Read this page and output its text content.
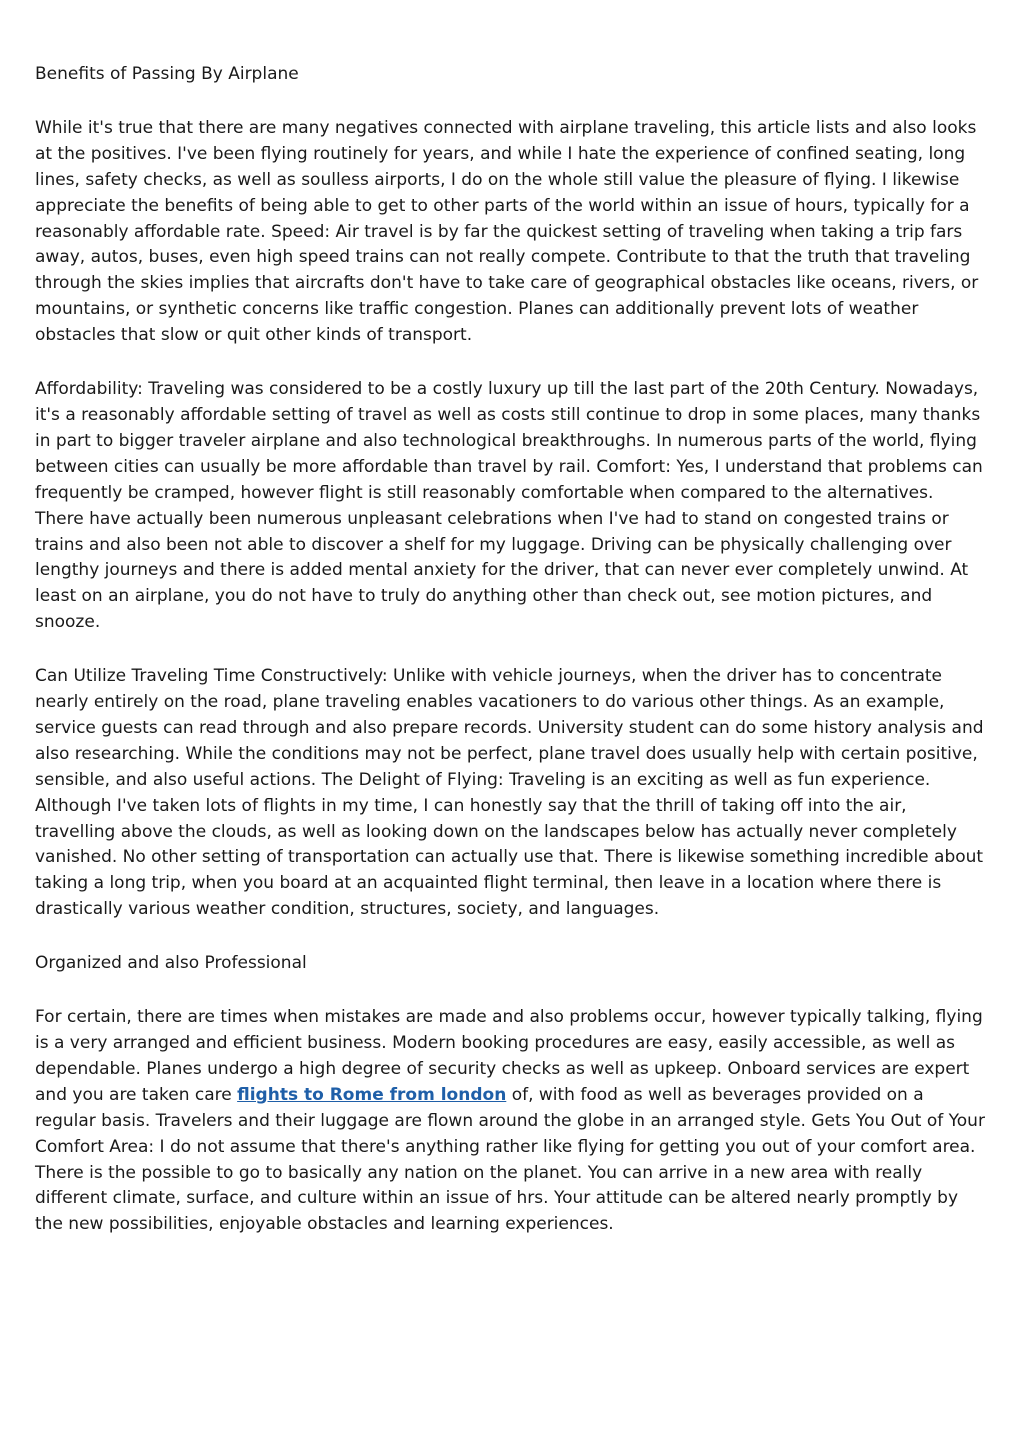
Benefits of Passing By Airplane

While it's true that there are many negatives connected with airplane traveling, this article lists and also looks at the positives. I've been flying routinely for years, and while I hate the experience of confined seating, long lines, safety checks, as well as soulless airports, I do on the whole still value the pleasure of flying. I likewise appreciate the benefits of being able to get to other parts of the world within an issue of hours, typically for a reasonably affordable rate. Speed: Air travel is by far the quickest setting of traveling when taking a trip fars away, autos, buses, even high speed trains can not really compete. Contribute to that the truth that traveling through the skies implies that aircrafts don't have to take care of geographical obstacles like oceans, rivers, or mountains, or synthetic concerns like traffic congestion. Planes can additionally prevent lots of weather obstacles that slow or quit other kinds of transport.

Affordability: Traveling was considered to be a costly luxury up till the last part of the 20th Century. Nowadays, it's a reasonably affordable setting of travel as well as costs still continue to drop in some places, many thanks in part to bigger traveler airplane and also technological breakthroughs. In numerous parts of the world, flying between cities can usually be more affordable than travel by rail. Comfort: Yes, I understand that problems can frequently be cramped, however flight is still reasonably comfortable when compared to the alternatives. There have actually been numerous unpleasant celebrations when I've had to stand on congested trains or trains and also been not able to discover a shelf for my luggage. Driving can be physically challenging over lengthy journeys and there is added mental anxiety for the driver, that can never ever completely unwind. At least on an airplane, you do not have to truly do anything other than check out, see motion pictures, and snooze.

Can Utilize Traveling Time Constructively: Unlike with vehicle journeys, when the driver has to concentrate nearly entirely on the road, plane traveling enables vacationers to do various other things. As an example, service guests can read through and also prepare records. University student can do some history analysis and also researching. While the conditions may not be perfect, plane travel does usually help with certain positive, sensible, and also useful actions. The Delight of Flying: Traveling is an exciting as well as fun experience. Although I've taken lots of flights in my time, I can honestly say that the thrill of taking off into the air, travelling above the clouds, as well as looking down on the landscapes below has actually never completely vanished. No other setting of transportation can actually use that. There is likewise something incredible about taking a long trip, when you board at an acquainted flight terminal, then leave in a location where there is drastically various weather condition, structures, society, and languages.

Organized and also Professional

For certain, there are times when mistakes are made and also problems occur, however typically talking, flying is a very arranged and efficient business. Modern booking procedures are easy, easily accessible, as well as dependable. Planes undergo a high degree of security checks as well as upkeep. Onboard services are expert and you are taken care flights to Rome from london of, with food as well as beverages provided on a regular basis. Travelers and their luggage are flown around the globe in an arranged style. Gets You Out of Your Comfort Area: I do not assume that there's anything rather like flying for getting you out of your comfort area. There is the possible to go to basically any nation on the planet. You can arrive in a new area with really different climate, surface, and culture within an issue of hrs. Your attitude can be altered nearly promptly by the new possibilities, enjoyable obstacles and learning experiences.
